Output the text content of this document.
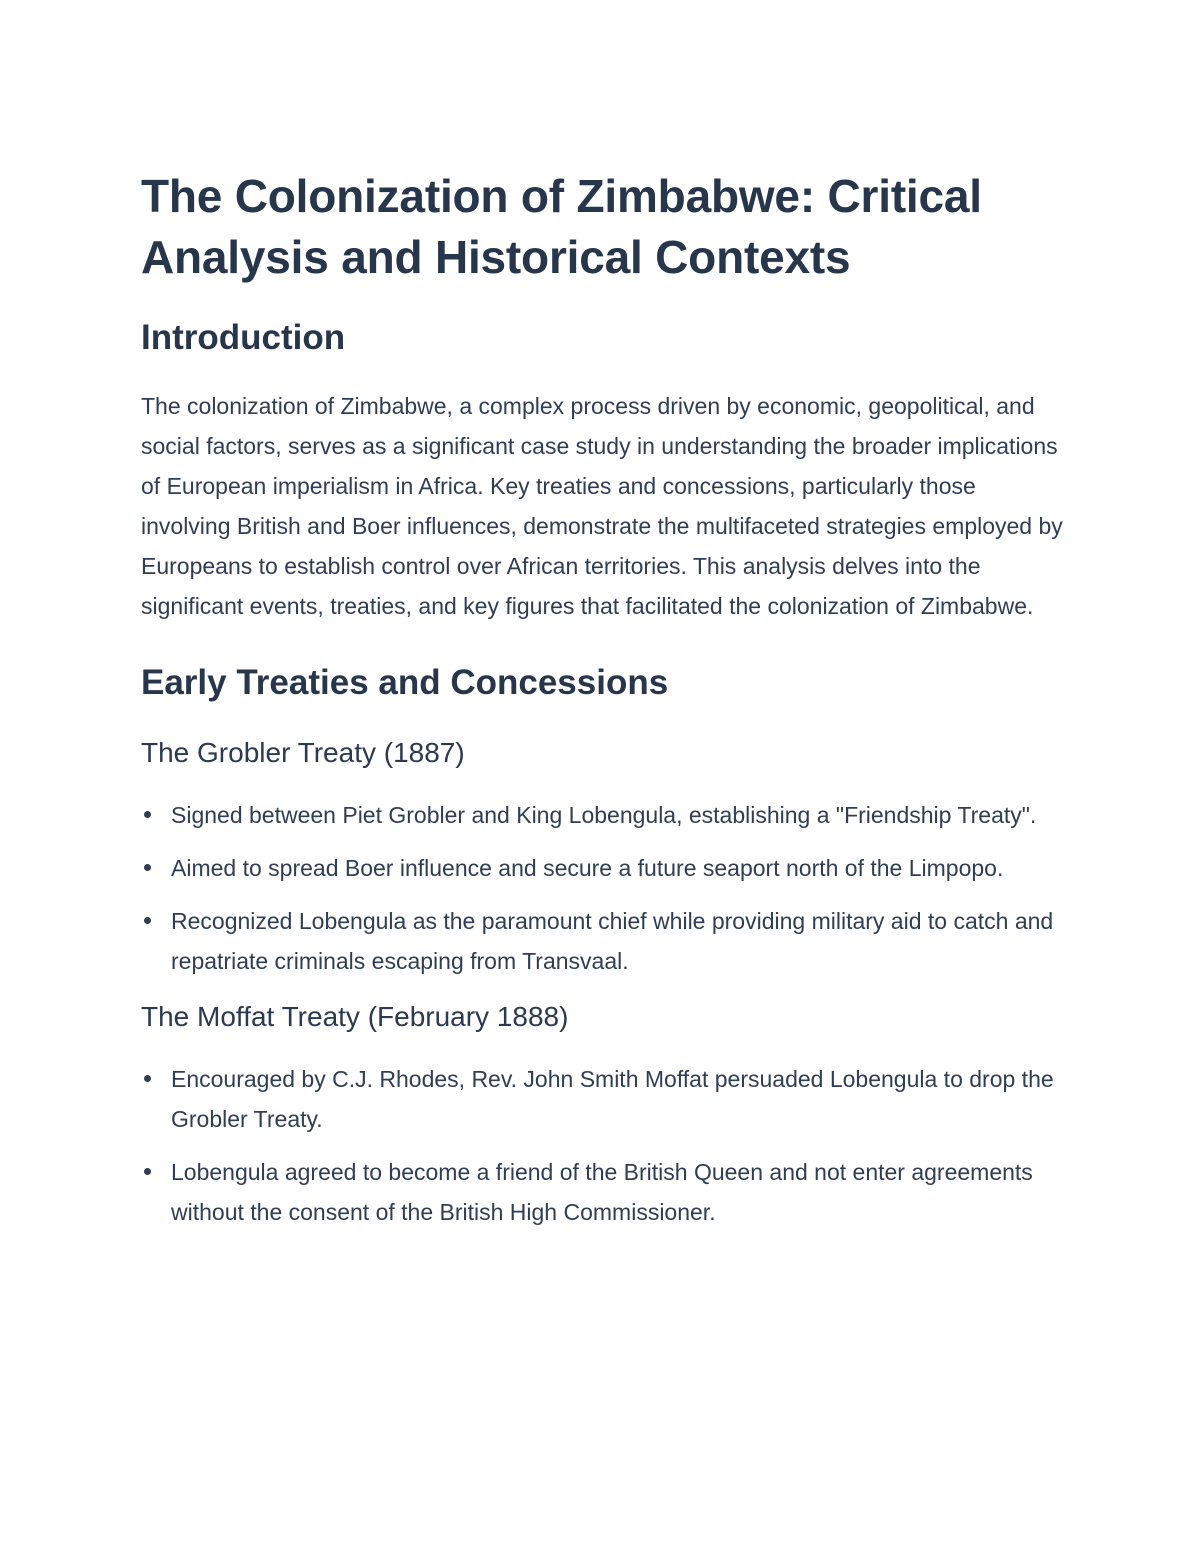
The Colonization of Zimbabwe: Critical Analysis and Historical Contexts
Introduction

The colonization of Zimbabwe, a complex process driven by economic, geopolitical, and social factors, serves as a significant case study in understanding the broader implications of European imperialism in Africa. Key treaties and concessions, particularly those involving British and Boer influences, demonstrate the multifaceted strategies employed by Europeans to establish control over African territories. This analysis delves into the significant events, treaties, and key figures that facilitated the colonization of Zimbabwe.

Early Treaties and Concessions
The Grobler Treaty (1887)
Signed between Piet Grobler and King Lobengula, establishing a "Friendship Treaty".
Aimed to spread Boer influence and secure a future seaport north of the Limpopo.
Recognized Lobengula as the paramount chief while providing military aid to catch and repatriate criminals escaping from Transvaal.
The Moffat Treaty (February 1888)
Encouraged by C.J. Rhodes, Rev. John Smith Moffat persuaded Lobengula to drop the Grobler Treaty.
Lobengula agreed to become a friend of the British Queen and not enter agreements without the consent of the British High Commissioner.
